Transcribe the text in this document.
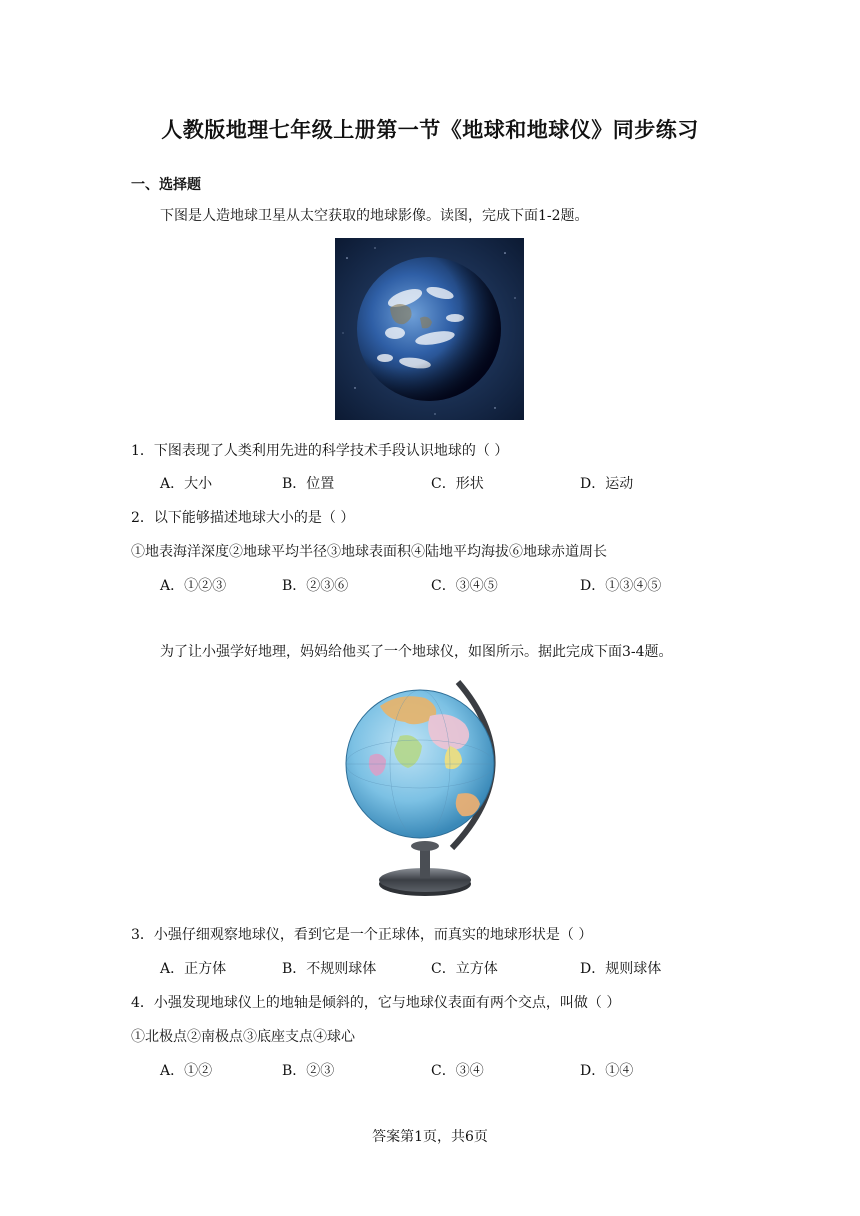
人教版地理七年级上册第一节《地球和地球仪》同步练习
一、选择题
下图是人造地球卫星从太空获取的地球影像。读图，完成下面1-2题。
1．下图表现了人类利用先进的科学技术手段认识地球的（ ）
A．大小	B．位置	C．形状	D．运动
2．以下能够描述地球大小的是（ ）
①地表海洋深度②地球平均半径③地球表面积④陆地平均海拔⑥地球赤道周长
A．①②③	B．②③⑥	C．③④⑤	D．①③④⑤
为了让小强学好地理，妈妈给他买了一个地球仪，如图所示。据此完成下面3-4题。
3．小强仔细观察地球仪，看到它是一个正球体，而真实的地球形状是（ ）
A．正方体	B．不规则球体	C．立方体	D．规则球体
4．小强发现地球仪上的地轴是倾斜的，它与地球仪表面有两个交点，叫做（ ）
①北极点②南极点③底座支点④球心
A．①②	B．②③	C．③④	D．①④
答案第1页，共6页
